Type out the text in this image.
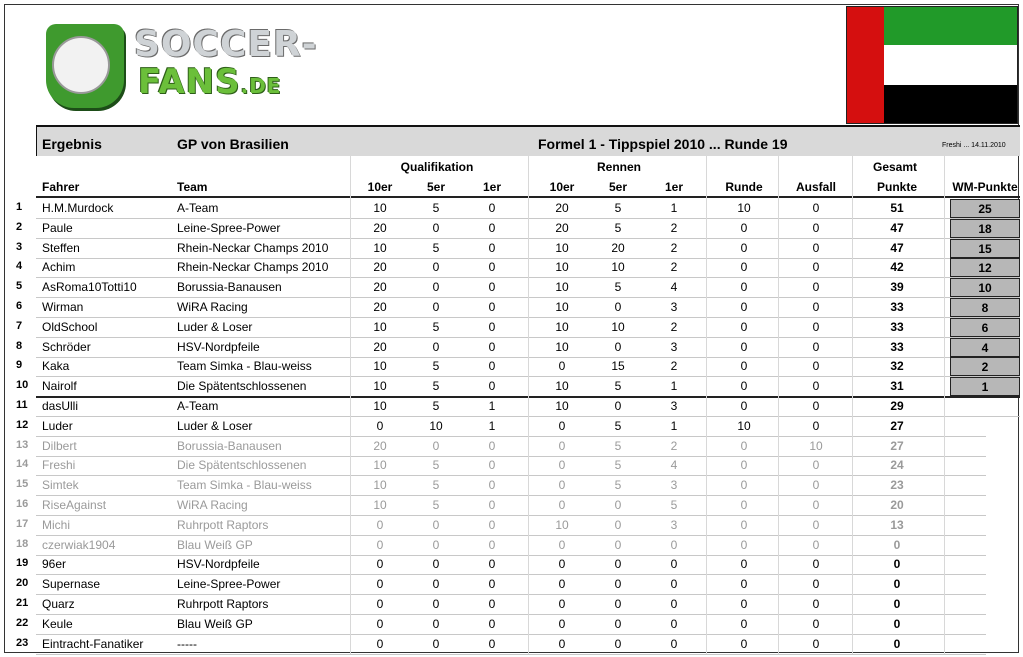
SOCCER-
FANS.DE
Ergebnis	GP von Brasilien	Formel 1 - Tippspiel 2010 ... Runde 19	Freshi ... 14.11.2010
Qualifikation	Rennen	Gesamt
Fahrer	Team	10er	5er	1er	10er	5er	1er	Runde	Ausfall	Punkte	WM-Punkte
1	H.M.Murdock	A-Team	10	5	0	20	5	1	10	0	51	25
2	Paule	Leine-Spree-Power	20	0	0	20	5	2	0	0	47	18
3	Steffen	Rhein-Neckar Champs 2010	10	5	0	10	20	2	0	0	47	15
4	Achim	Rhein-Neckar Champs 2010	20	0	0	10	10	2	0	0	42	12
5	AsRoma10Totti10	Borussia-Banausen	20	0	0	10	5	4	0	0	39	10
6	Wirman	WiRA Racing	20	0	0	10	0	3	0	0	33	8
7	OldSchool	Luder & Loser	10	5	0	10	10	2	0	0	33	6
8	Schröder	HSV-Nordpfeile	20	0	0	10	0	3	0	0	33	4
9	Kaka	Team Simka - Blau-weiss	10	5	0	0	15	2	0	0	32	2
10	Nairolf	Die Spätentschlossenen	10	5	0	10	5	1	0	0	31	1
11	dasUlli	A-Team	10	5	1	10	0	3	0	0	29
12	Luder	Luder & Loser	0	10	1	0	5	1	10	0	27
13	Dilbert	Borussia-Banausen	20	0	0	0	5	2	0	10	27
14	Freshi	Die Spätentschlossenen	10	5	0	0	5	4	0	0	24
15	Simtek	Team Simka - Blau-weiss	10	5	0	0	5	3	0	0	23
16	RiseAgainst	WiRA Racing	10	5	0	0	0	5	0	0	20
17	Michi	Ruhrpott Raptors	0	0	0	10	0	3	0	0	13
18	czerwiak1904	Blau Weiß GP	0	0	0	0	0	0	0	0	0
19	96er	HSV-Nordpfeile	0	0	0	0	0	0	0	0	0
20	Supernase	Leine-Spree-Power	0	0	0	0	0	0	0	0	0
21	Quarz	Ruhrpott Raptors	0	0	0	0	0	0	0	0	0
22	Keule	Blau Weiß GP	0	0	0	0	0	0	0	0	0
23	Eintracht-Fanatiker	-----	0	0	0	0	0	0	0	0	0
